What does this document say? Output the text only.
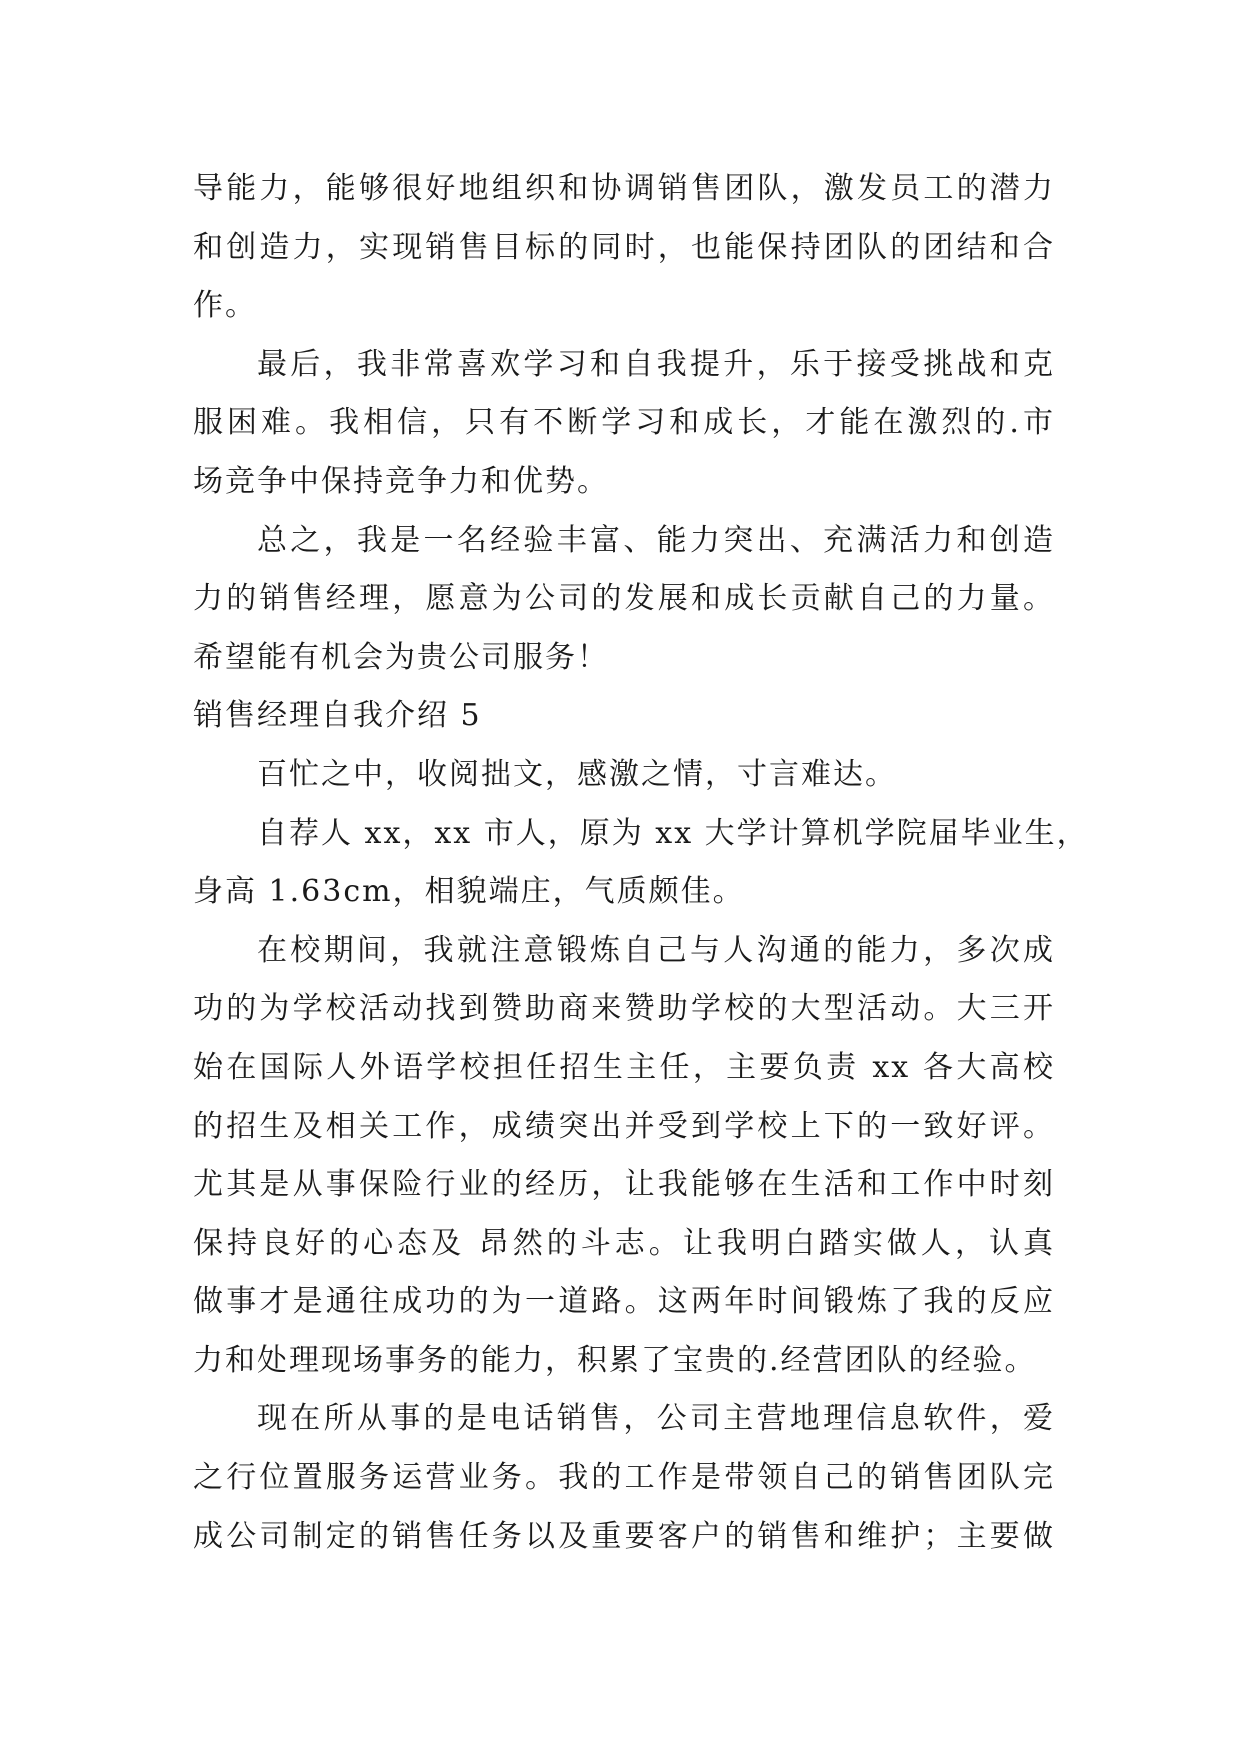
导能力，能够很好地组织和协调销售团队，激发员工的潜力
和创造力，实现销售目标的同时，也能保持团队的团结和合
作。
最后，我非常喜欢学习和自我提升，乐于接受挑战和克
服困难。我相信，只有不断学习和成长，才能在激烈的.市
场竞争中保持竞争力和优势。
总之，我是一名经验丰富、能力突出、充满活力和创造
力的销售经理，愿意为公司的发展和成长贡献自己的力量。
希望能有机会为贵公司服务！
销售经理自我介绍 5
百忙之中，收阅拙文，感激之情，寸言难达。
自荐人 xx，xx 市人，原为 xx 大学计算机学院届毕业生，
身高 1.63cm，相貌端庄，气质颇佳。
在校期间，我就注意锻炼自己与人沟通的能力，多次成
功的为学校活动找到赞助商来赞助学校的大型活动。大三开
始在国际人外语学校担任招生主任，主要负责 xx 各大高校
的招生及相关工作，成绩突出并受到学校上下的一致好评。
尤其是从事保险行业的经历，让我能够在生活和工作中时刻
保持良好的心态及 昂然的斗志。让我明白踏实做人，认真
做事才是通往成功的为一道路。这两年时间锻炼了我的反应
力和处理现场事务的能力，积累了宝贵的.经营团队的经验。
现在所从事的是电话销售，公司主营地理信息软件，爱
之行位置服务运营业务。我的工作是带领自己的销售团队完
成公司制定的销售任务以及重要客户的销售和维护；主要做
